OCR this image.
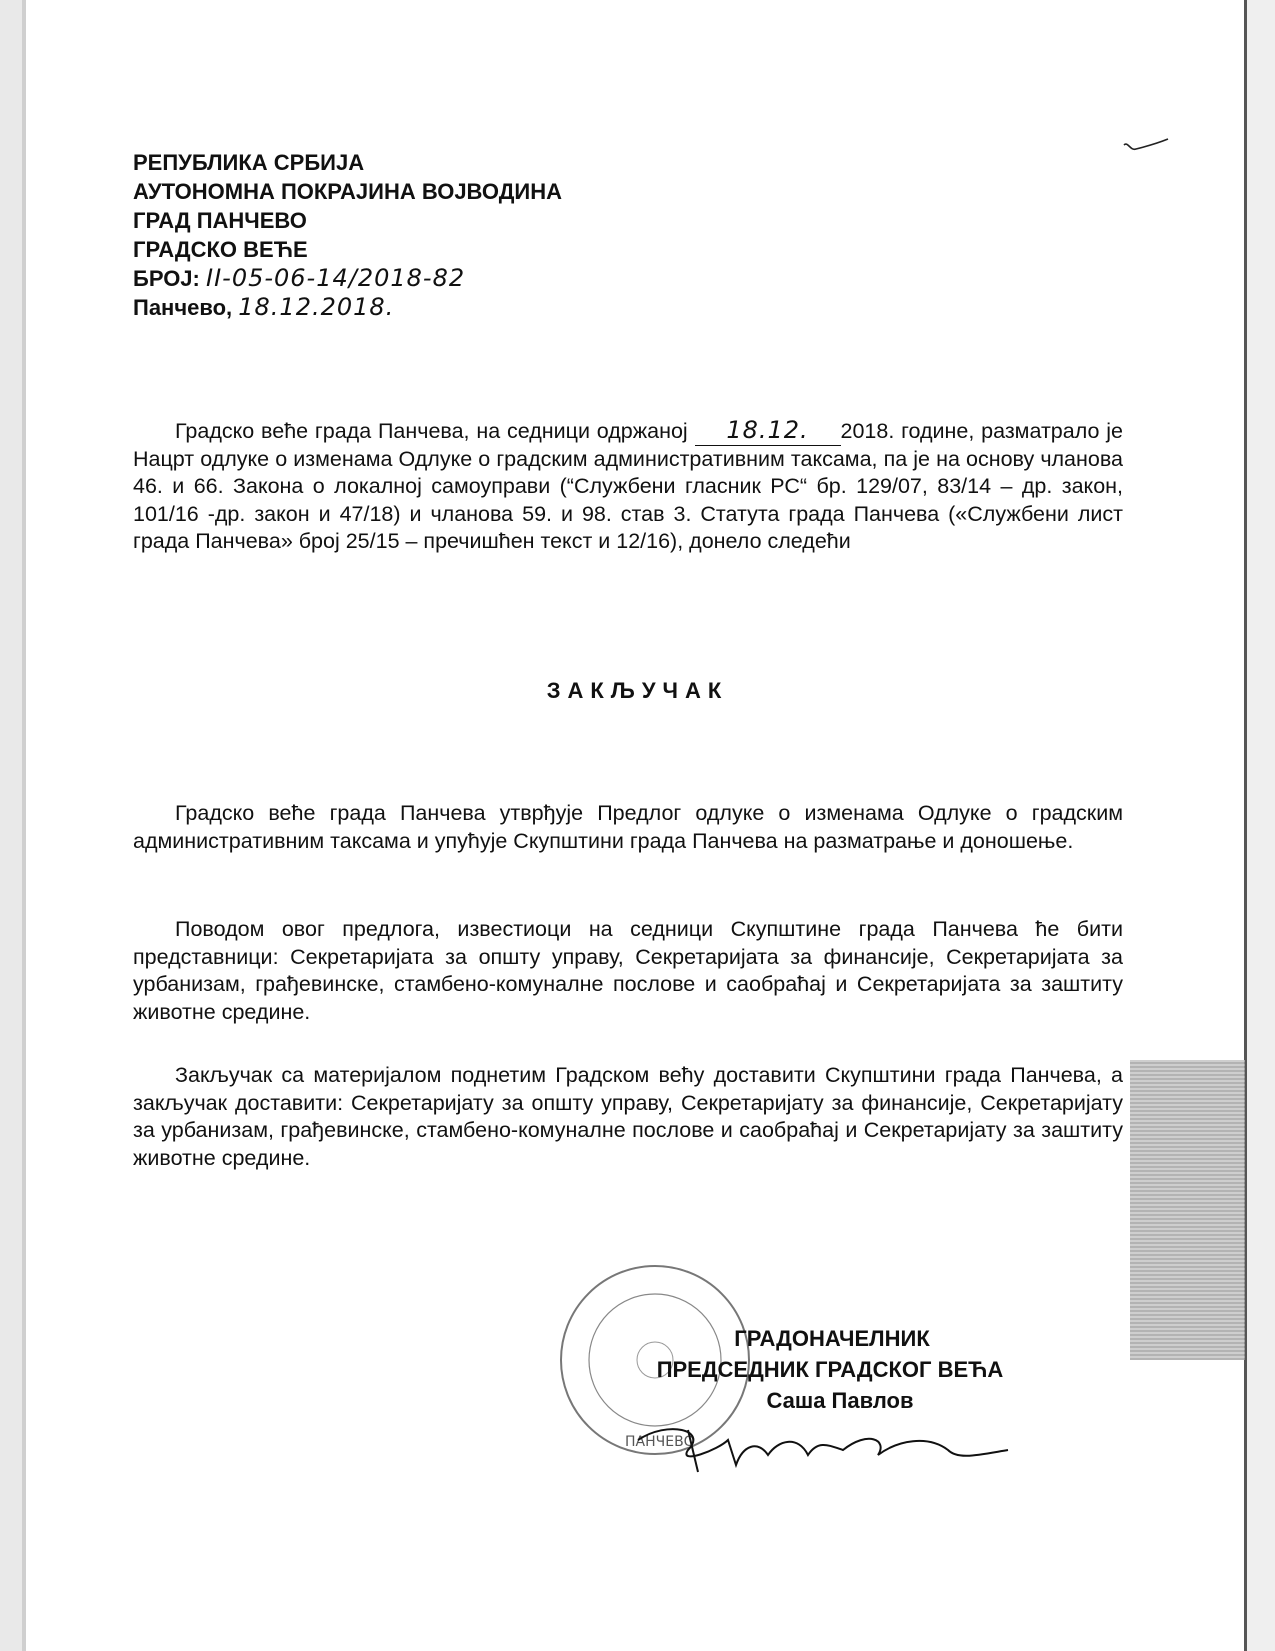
РЕПУБЛИКА СРБИЈА
АУТОНОМНА ПОКРАЈИНА ВОЈВОДИНА
ГРАД ПАНЧЕВО
ГРАДСКО ВЕЋЕ
БРОЈ: II-05-06-14/2018-82
Панчево, 18.12.2018.
Градско веће града Панчева, на седници одржаној 18.12. 2018. године, разматрало је Нацрт одлуке о изменама Одлуке о градским административним таксама, па је на основу чланова 46. и 66. Закона о локалној самоуправи (“Службени гласник РС“ бр. 129/07, 83/14 – др. закон, 101/16 -др. закон и 47/18) и чланова 59. и 98. став 3. Статута града Панчева («Службени лист града Панчева» број 25/15 – пречишћен текст и 12/16), донело следећи
ЗАКЉУЧАК
Градско веће града Панчева утврђује Предлог одлуке о изменама Одлуке о градским административним таксама и упућује Скупштини града Панчева на разматрање и доношење.
Поводом овог предлога, известиоци на седници Скупштине града Панчева ће бити представници: Секретаријата за општу управу, Секретаријата за финансије, Секретаријата за урбанизам, грађевинске, стамбено-комуналне послове и саобраћај и Секретаријата за заштиту животне средине.
Закључак са материјалом поднетим Градском већу доставити Скупштини града Панчева, а закључак доставити: Секретаријату за општу управу, Секретаријату за финансије, Секретаријату за урбанизам, грађевинске, стамбено-комуналне послове и саобраћај и Секретаријату за заштиту животне средине.
ПАНЧЕВО
ГРАДОНАЧЕЛНИК
ПРЕДСЕДНИК ГРАДСКОГ ВЕЋА
Саша Павлов
